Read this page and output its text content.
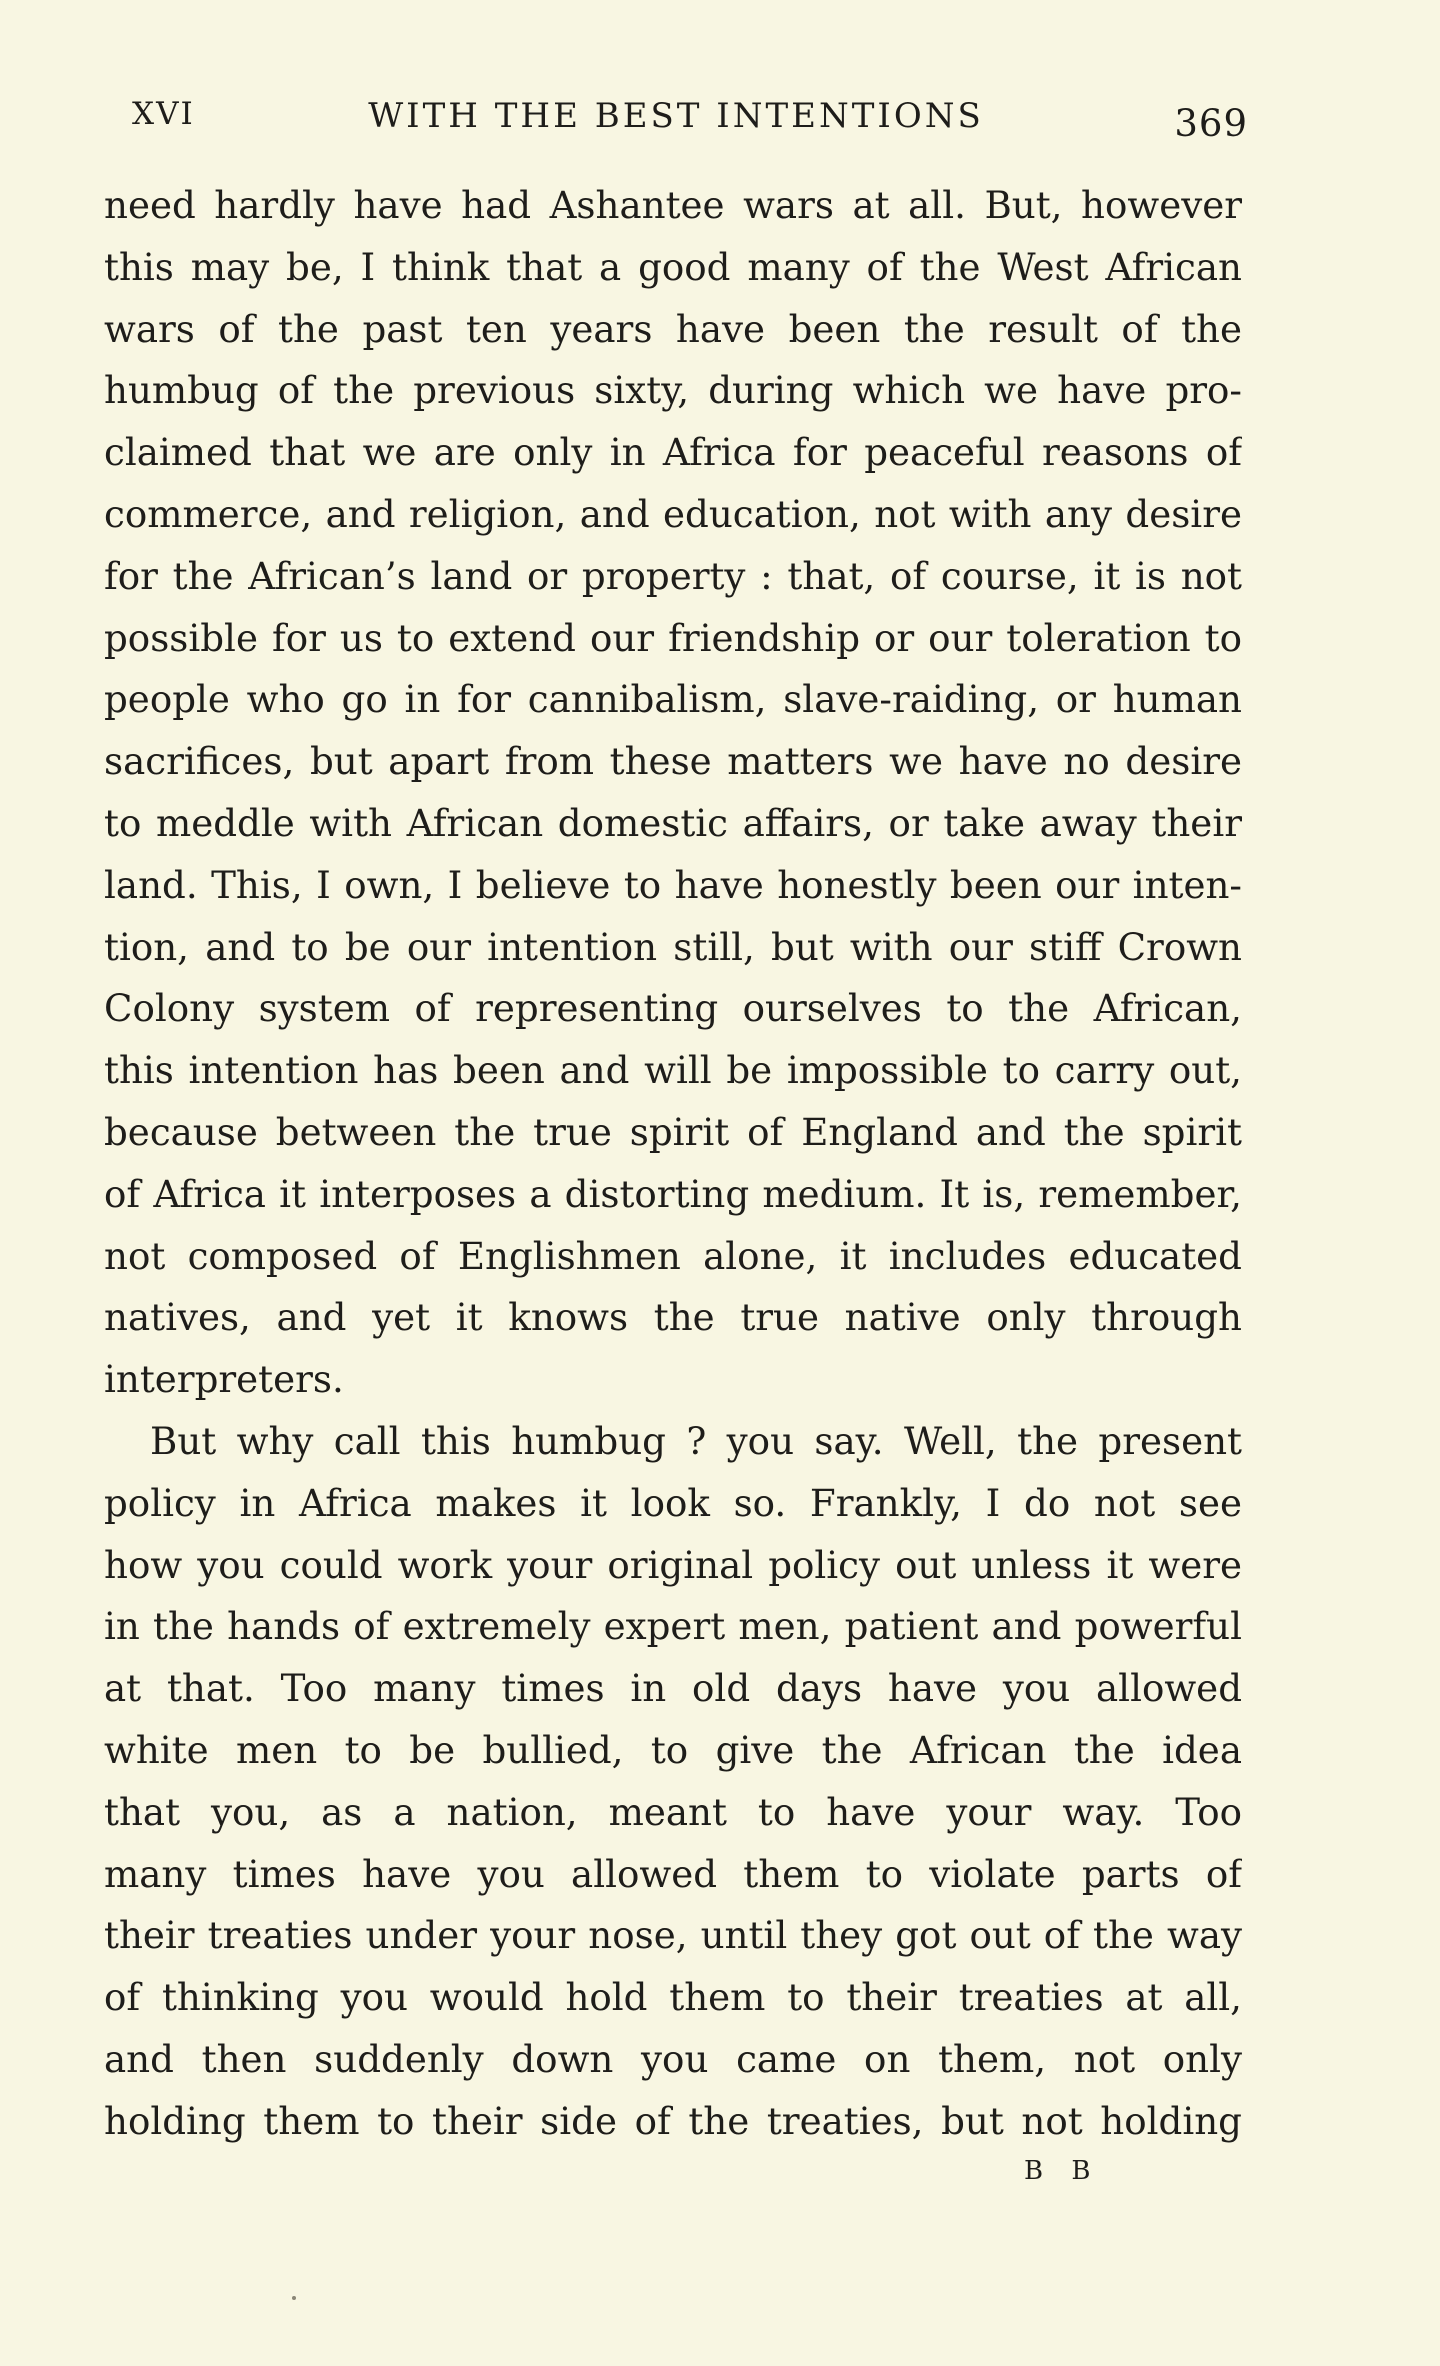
XVI	WITH THE BEST INTENTIONS	369
need hardly have had Ashantee wars at all. But, however
this may be, I think that a good many of the West African
wars of the past ten years have been the result of the
humbug of the previous sixty, during which we have pro-
claimed that we are only in Africa for peaceful reasons of
commerce, and religion, and education, not with any desire
for the African’s land or property : that, of course, it is not
possible for us to extend our friendship or our toleration to
people who go in for cannibalism, slave-raiding, or human
sacrifices, but apart from these matters we have no desire
to meddle with African domestic affairs, or take away their
land. This, I own, I believe to have honestly been our inten-
tion, and to be our intention still, but with our stiff Crown
Colony system of representing ourselves to the African,
this intention has been and will be impossible to carry out,
because between the true spirit of England and the spirit
of Africa it interposes a distorting medium. It is, remember,
not composed of Englishmen alone, it includes educated
natives, and yet it knows the true native only through
interpreters.
But why call this humbug ? you say. Well, the present
policy in Africa makes it look so. Frankly, I do not see
how you could work your original policy out unless it were
in the hands of extremely expert men, patient and powerful
at that. Too many times in old days have you allowed
white men to be bullied, to give the African the idea
that you, as a nation, meant to have your way. Too
many times have you allowed them to violate parts of
their treaties under your nose, until they got out of the way
of thinking you would hold them to their treaties at all,
and then suddenly down you came on them, not only
holding them to their side of the treaties, but not holding
B B
